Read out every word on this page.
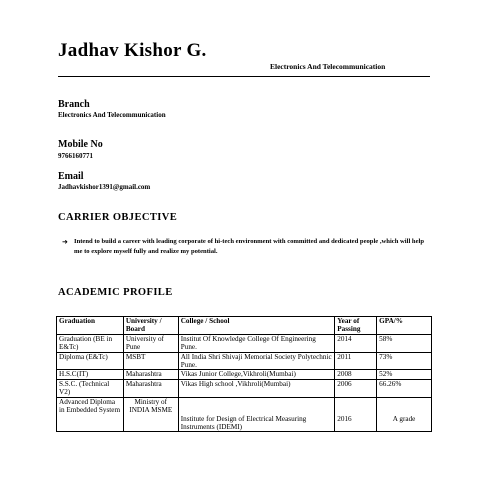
Jadhav Kishor G.
Electronics And Telecommunication
Branch
Electronics And Telecommunication
Mobile No
9766160771
Email
Jadhavkishor1391@gmail.com
CARRIER OBJECTIVE
➜ Intend to build a career with leading corporate of hi-tech environment with committed and dedicated people ,which will help me to explore myself fully and realize my potential.
ACADEMIC PROFILE
Graduation	University / Board	College / School	Year of Passing	GPA/%
Graduation (BE in E&Tc)	University of Pune	Institut Of Knowledge College Of Engineering Pune.	2014	58%
Diploma (E&Tc)	MSBT	All India Shri Shivaji Memorial Society Polytechnic Pune.	2011	73%
H.S.C(IT)	Maharashtra	Vikas Junior College,Vikhroli(Mumbai)	2008	52%
S.S.C. (Technical V2)	Maharashtra	Vikas High school ,Vikhroli(Mumbai)	2006	66.26%
Advanced Diploma in Embedded System	Ministry of INDIA MSME	Institute for Design of Electrical Measuring Instruments (IDEMI)	2016	A grade
